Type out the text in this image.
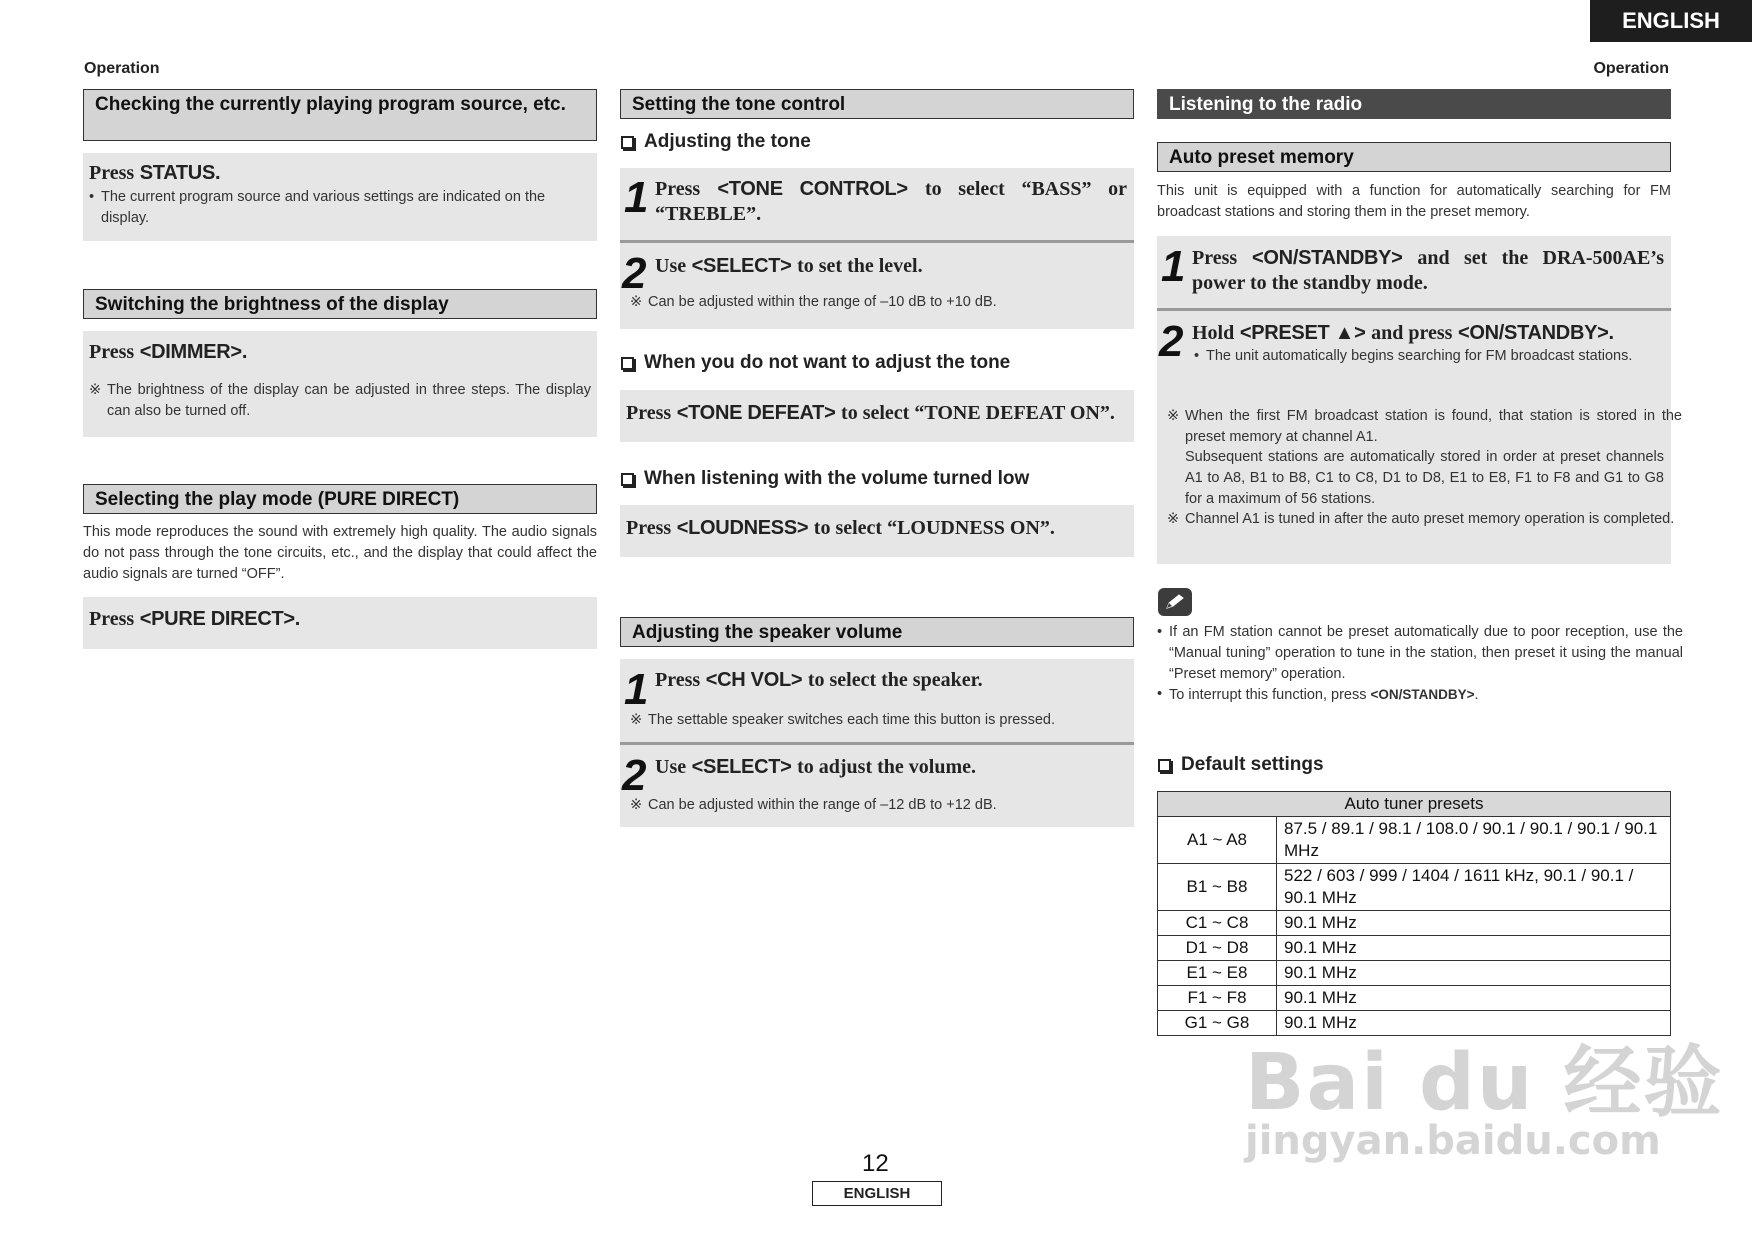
ENGLISH
Operation	Operation
Checking the currently playing program source, etc.
Press STATUS.
• The current program source and various settings are indicated on the display.
Switching the brightness of the display
Press <DIMMER>.
※ The brightness of the display can be adjusted in three steps. The display can also be turned off.
Selecting the play mode (PURE DIRECT)
This mode reproduces the sound with extremely high quality. The audio signals do not pass through the tone circuits, etc., and the display that could affect the audio signals are turned “OFF”.
Press <PURE DIRECT>.
Setting the tone control
Adjusting the tone
1 Press <TONE CONTROL> to select “BASS” or “TREBLE”.
2 Use <SELECT> to set the level.
※ Can be adjusted within the range of –10 dB to +10 dB.
When you do not want to adjust the tone
Press <TONE DEFEAT> to select “TONE DEFEAT ON”.
When listening with the volume turned low
Press <LOUDNESS> to select “LOUDNESS ON”.
Adjusting the speaker volume
1 Press <CH VOL> to select the speaker.
※ The settable speaker switches each time this button is pressed.
2 Use <SELECT> to adjust the volume.
※ Can be adjusted within the range of –12 dB to +12 dB.
Listening to the radio
Auto preset memory
This unit is equipped with a function for automatically searching for FM broadcast stations and storing them in the preset memory.
1 Press <ON/STANDBY> and set the DRA-500AE’s power to the standby mode.
2 Hold <PRESET ▲> and press <ON/STANDBY>.
• The unit automatically begins searching for FM broadcast stations.
※ When the first FM broadcast station is found, that station is stored in the preset memory at channel A1.
Subsequent stations are automatically stored in order at preset channels A1 to A8, B1 to B8, C1 to C8, D1 to D8, E1 to E8, F1 to F8 and G1 to G8 for a maximum of 56 stations.
※ Channel A1 is tuned in after the auto preset memory operation is completed.
• If an FM station cannot be preset automatically due to poor reception, use the “Manual tuning” operation to tune in the station, then preset it using the manual “Preset memory” operation.
• To interrupt this function, press <ON/STANDBY>.
Default settings
Auto tuner presets	
A1 ~ A8	87.5 / 89.1 / 98.1 / 108.0 / 90.1 / 90.1 / 90.1 / 90.1 MHz
B1 ~ B8	522 / 603 / 999 / 1404 / 1611 kHz, 90.1 / 90.1 / 90.1 MHz
C1 ~ C8	90.1 MHz
D1 ~ D8	90.1 MHz
E1 ~ E8	90.1 MHz
F1 ~ F8	90.1 MHz
G1 ~ G8	90.1 MHz
12
ENGLISH
Bai du 经验
jingyan.baidu.com
